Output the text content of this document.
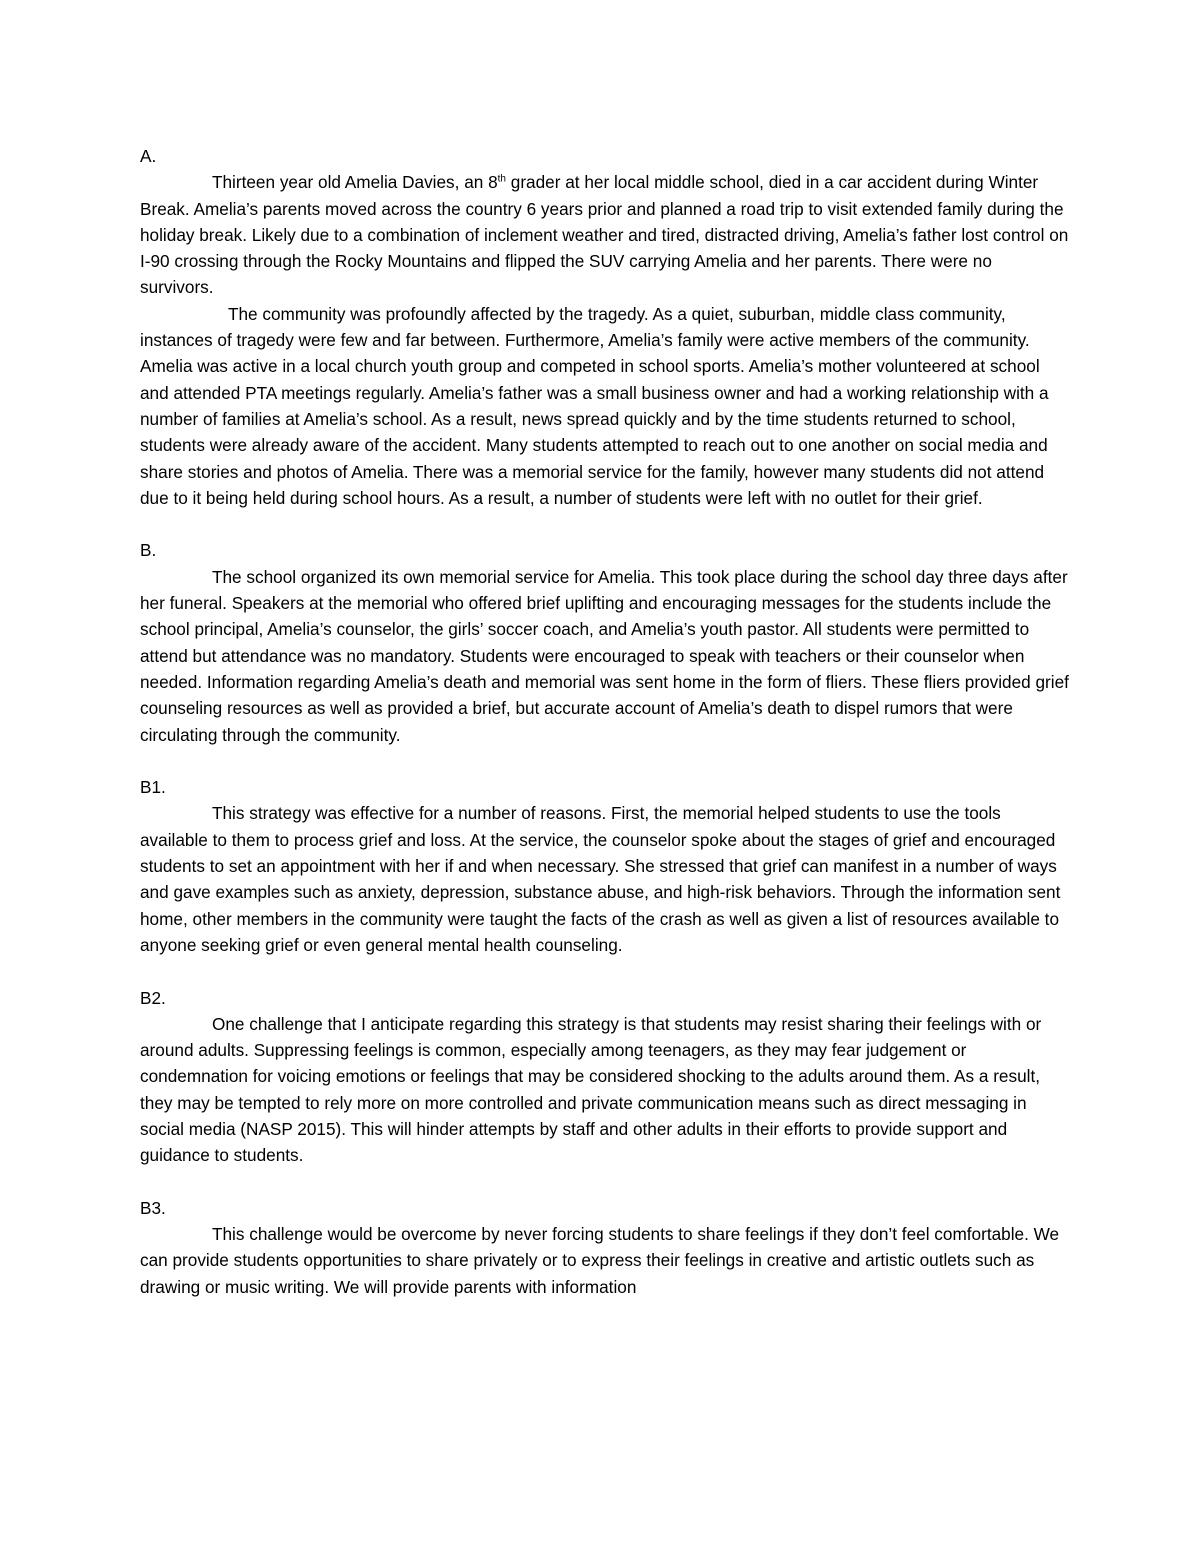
A.

Thirteen year old Amelia Davies, an 8th grader at her local middle school, died in a car accident during Winter Break. Amelia’s parents moved across the country 6 years prior and planned a road trip to visit extended family during the holiday break. Likely due to a combination of inclement weather and tired, distracted driving, Amelia’s father lost control on I-90 crossing through the Rocky Mountains and flipped the SUV carrying Amelia and her parents. There were no survivors.

The community was profoundly affected by the tragedy. As a quiet, suburban, middle class community, instances of tragedy were few and far between. Furthermore, Amelia’s family were active members of the community. Amelia was active in a local church youth group and competed in school sports. Amelia’s mother volunteered at school and attended PTA meetings regularly. Amelia’s father was a small business owner and had a working relationship with a number of families at Amelia’s school. As a result, news spread quickly and by the time students returned to school, students were already aware of the accident. Many students attempted to reach out to one another on social media and share stories and photos of Amelia. There was a memorial service for the family, however many students did not attend due to it being held during school hours. As a result, a number of students were left with no outlet for their grief.

B.

The school organized its own memorial service for Amelia. This took place during the school day three days after her funeral. Speakers at the memorial who offered brief uplifting and encouraging messages for the students include the school principal, Amelia’s counselor, the girls’ soccer coach, and Amelia’s youth pastor. All students were permitted to attend but attendance was no mandatory. Students were encouraged to speak with teachers or their counselor when needed. Information regarding Amelia’s death and memorial was sent home in the form of fliers. These fliers provided grief counseling resources as well as provided a brief, but accurate account of Amelia’s death to dispel rumors that were circulating through the community.

B1.

This strategy was effective for a number of reasons. First, the memorial helped students to use the tools available to them to process grief and loss. At the service, the counselor spoke about the stages of grief and encouraged students to set an appointment with her if and when necessary. She stressed that grief can manifest in a number of ways and gave examples such as anxiety, depression, substance abuse, and high-risk behaviors. Through the information sent home, other members in the community were taught the facts of the crash as well as given a list of resources available to anyone seeking grief or even general mental health counseling.

B2.

One challenge that I anticipate regarding this strategy is that students may resist sharing their feelings with or around adults. Suppressing feelings is common, especially among teenagers, as they may fear judgement or condemnation for voicing emotions or feelings that may be considered shocking to the adults around them. As a result, they may be tempted to rely more on more controlled and private communication means such as direct messaging in social media (NASP 2015). This will hinder attempts by staff and other adults in their efforts to provide support and guidance to students.

B3.

This challenge would be overcome by never forcing students to share feelings if they don’t feel comfortable. We can provide students opportunities to share privately or to express their feelings in creative and artistic outlets such as drawing or music writing. We will provide parents with information
